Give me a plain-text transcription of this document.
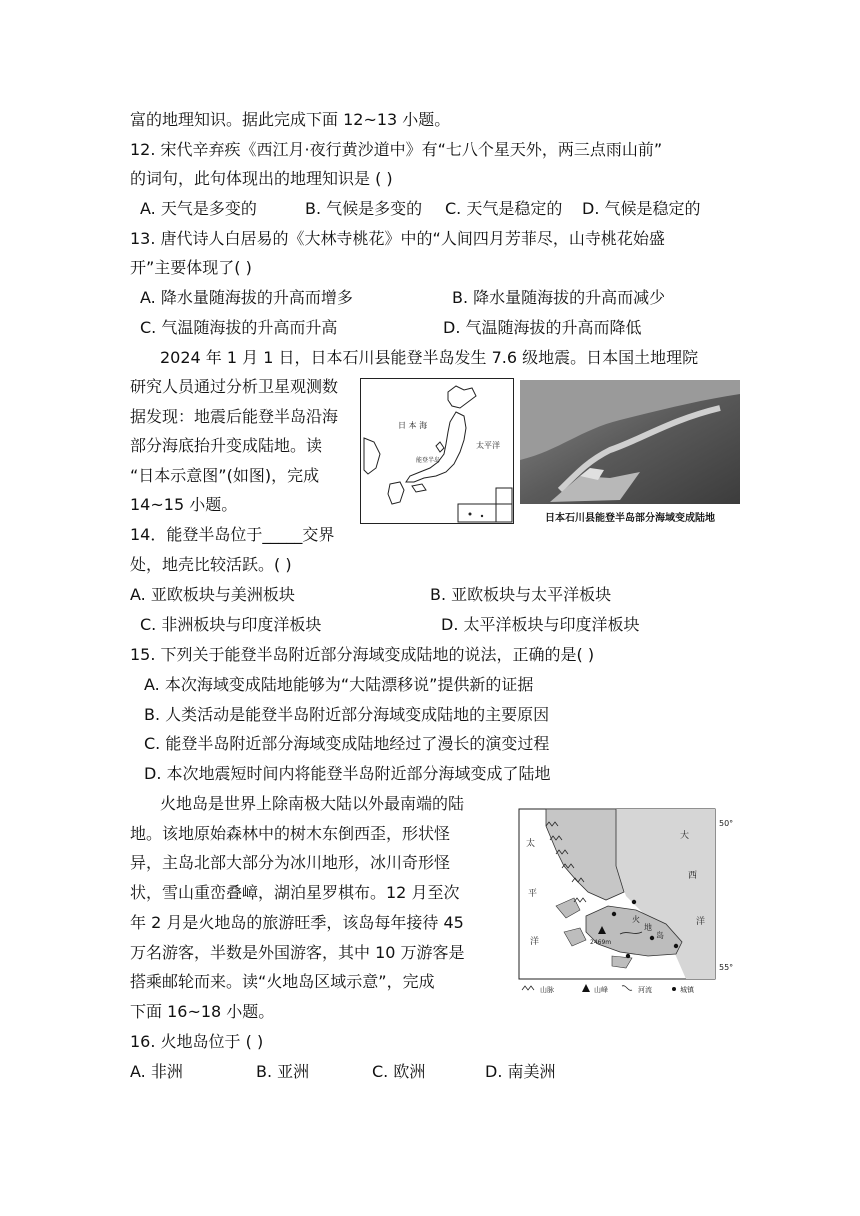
富的地理知识。据此完成下面 12~13 小题。
12. 宋代辛弃疾《西江月·夜行黄沙道中》有“七八个星天外，两三点雨山前”
的词句，此句体现出的地理知识是 ( )
A. 天气是多变的	B. 气候是多变的 C. 天气是稳定的 D. 气候是稳定的
13. 唐代诗人白居易的《大林寺桃花》中的“人间四月芳菲尽，山寺桃花始盛
开”主要体现了( )
A. 降水量随海拔的升高而增多	B. 降水量随海拔的升高而减少
C. 气温随海拔的升高而升高	D. 气温随海拔的升高而降低
2024 年 1 月 1 日，日本石川县能登半岛发生 7.6 级地震。日本国土地理院
研究人员通过分析卫星观测数
据发现：地震后能登半岛沿海
部分海底抬升变成陆地。读
“日本示意图”(如图)，完成
14~15 小题。
日 本 海
太平洋
能登半岛
日本石川县能登半岛部分海域变成陆地
14．能登半岛位于_____交界
处，地壳比较活跃。( )
A. 亚欧板块与美洲板块	B. 亚欧板块与太平洋板块
C. 非洲板块与印度洋板块	D. 太平洋板块与印度洋板块
15. 下列关于能登半岛附近部分海域变成陆地的说法，正确的是( )
A. 本次海域变成陆地能够为“大陆漂移说”提供新的证据
B. 人类活动是能登半岛附近部分海域变成陆地的主要原因
C. 能登半岛附近部分海域变成陆地经过了漫长的演变过程
D. 本次地震短时间内将能登半岛附近部分海域变成了陆地
火地岛是世界上除南极大陆以外最南端的陆
地。该地原始森林中的树木东倒西歪，形状怪
异，主岛北部大部分为冰川地形，冰川奇形怪
状，雪山重峦叠嶂，湖泊星罗棋布。12 月至次
年 2 月是火地岛的旅游旺季，该岛每年接待 45
万名游客，半数是外国游客，其中 10 万游客是
搭乘邮轮而来。读“火地岛区域示意”，完成
下面 16~18 小题。
50°
55°
太
平
洋
大
西
洋
火
地
岛
2469m
山脉	山峰	河流	城镇
16. 火地岛位于 ( )
A. 非洲	B. 亚洲	C. 欧洲	D. 南美洲
